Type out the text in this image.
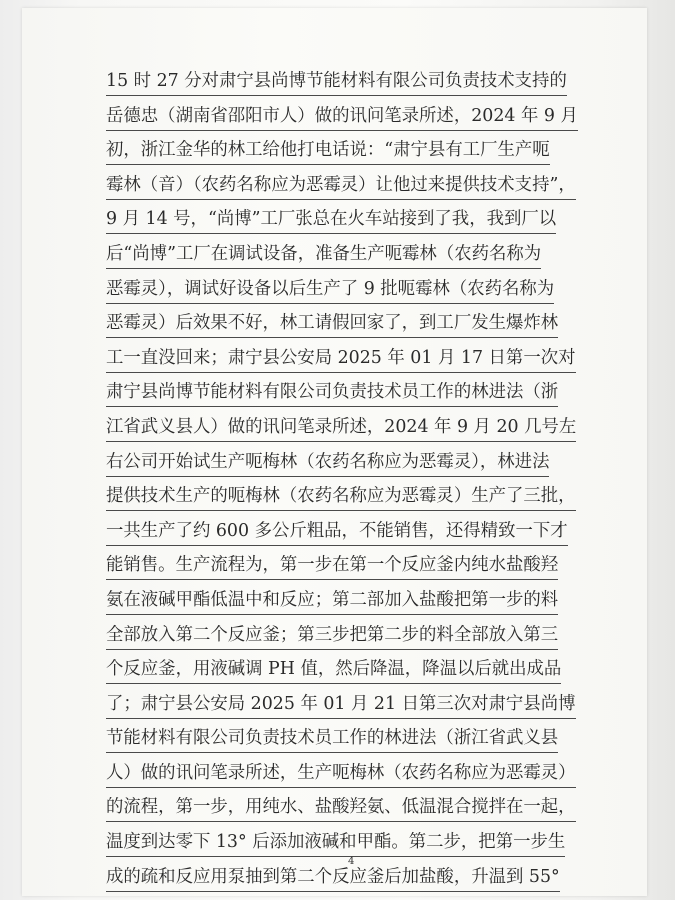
15 时 27 分对肃宁县尚博节能材料有限公司负责技术支持的
岳德忠（湖南省邵阳市人）做的讯问笔录所述，2024 年 9 月
初，浙江金华的林工给他打电话说：“肃宁县有工厂生产呃
霉林（音）（农药名称应为恶霉灵）让他过来提供技术支持”，
9 月 14 号，“尚博”工厂张总在火车站接到了我，我到厂以
后“尚博”工厂在调试设备，准备生产呃霉林（农药名称为
恶霉灵），调试好设备以后生产了 9 批呃霉林（农药名称为
恶霉灵）后效果不好，林工请假回家了，到工厂发生爆炸林
工一直没回来；肃宁县公安局 2025 年 01 月 17 日第一次对
肃宁县尚博节能材料有限公司负责技术员工作的林进法（浙
江省武义县人）做的讯问笔录所述，2024 年 9 月 20 几号左
右公司开始试生产呃梅林（农药名称应为恶霉灵），林进法
提供技术生产的呃梅林（农药名称应为恶霉灵）生产了三批，
一共生产了约 600 多公斤粗品，不能销售，还得精致一下才
能销售。生产流程为，第一步在第一个反应釜内纯水盐酸羟
氨在液碱甲酯低温中和反应；第二部加入盐酸把第一步的料
全部放入第二个反应釜；第三步把第二步的料全部放入第三
个反应釜，用液碱调 PH 值，然后降温，降温以后就出成品
了；肃宁县公安局 2025 年 01 月 21 日第三次对肃宁县尚博
节能材料有限公司负责技术员工作的林进法（浙江省武义县
人）做的讯问笔录所述，生产呃梅林（农药名称应为恶霉灵）
的流程，第一步，用纯水、盐酸羟氨、低温混合搅拌在一起，
温度到达零下 13° 后添加液碱和甲酯。第二步，把第一步生
成的疏和反应用泵抽到第二个反应釜后加盐酸，升温到 55°
4
